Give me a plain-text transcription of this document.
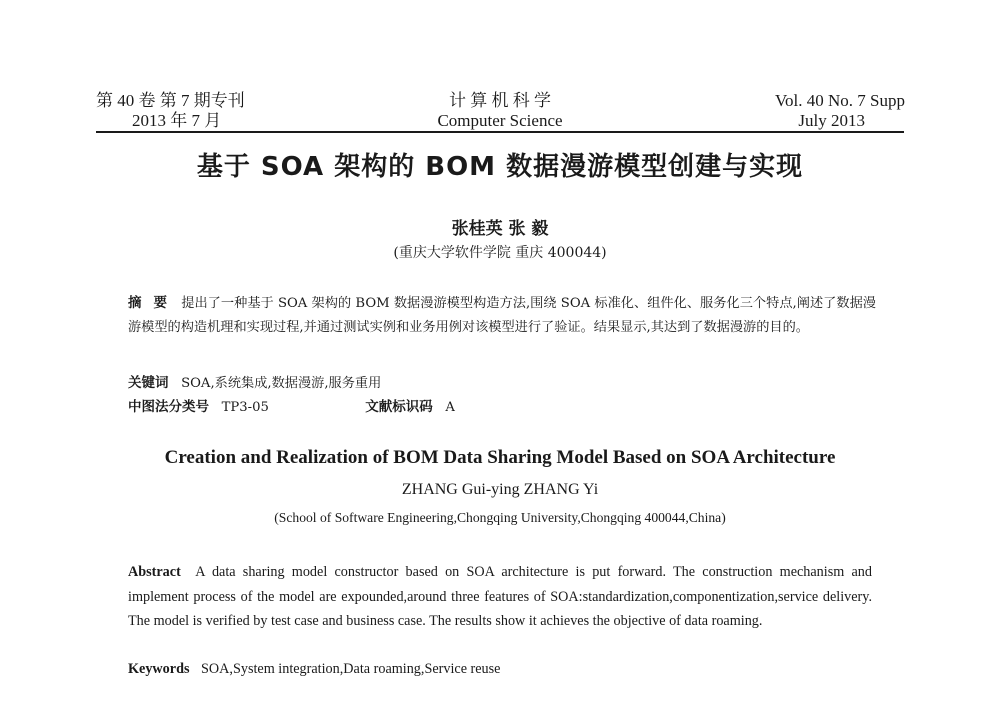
第 40 卷 第 7 期专刊
2013 年 7 月
计 算 机 科 学
Computer Science
Vol. 40 No. 7 Supp
July 2013
基于 SOA 架构的 BOM 数据漫游模型创建与实现
张桂英 张 毅
(重庆大学软件学院 重庆 400044)
摘要 提出了一种基于 SOA 架构的 BOM 数据漫游模型构造方法,围绕 SOA 标准化、组件化、服务化三个特点,阐述了数据漫游模型的构造机理和实现过程,并通过测试实例和业务用例对该模型进行了验证。结果显示,其达到了数据漫游的目的。
关键词 SOA,系统集成,数据漫游,服务重用
中图法分类号 TP3-05	文献标识码 A
Creation and Realization of BOM Data Sharing Model Based on SOA Architecture
ZHANG Gui-ying ZHANG Yi
(School of Software Engineering,Chongqing University,Chongqing 400044,China)
Abstract A data sharing model constructor based on SOA architecture is put forward. The construction mechanism and implement process of the model are expounded,around three features of SOA:standardization,componentization,service delivery. The model is verified by test case and business case. The results show it achieves the objective of data roaming.
Keywords SOA,System integration,Data roaming,Service reuse
